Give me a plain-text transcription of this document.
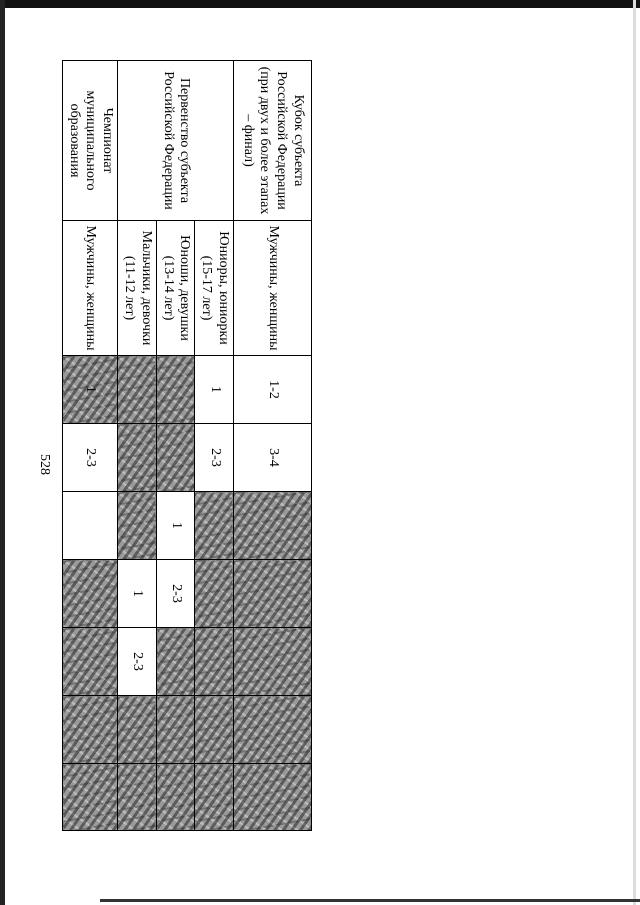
528
Кубок субъекта Российской Федерации (при двух и более этапах – финал)	Мужчины, женщины	1-2	3-4					

Первенство субъекта Российской Федерации	Юниоры, юниорки (15-17 лет)	1	2-3					

	Юноши, девушки (13-14 лет)			1	2-3			

	Мальчики, девочки (11-12 лет)				1	2-3		

Чемпионат муниципального образования	Мужчины, женщины	1	2-3					
